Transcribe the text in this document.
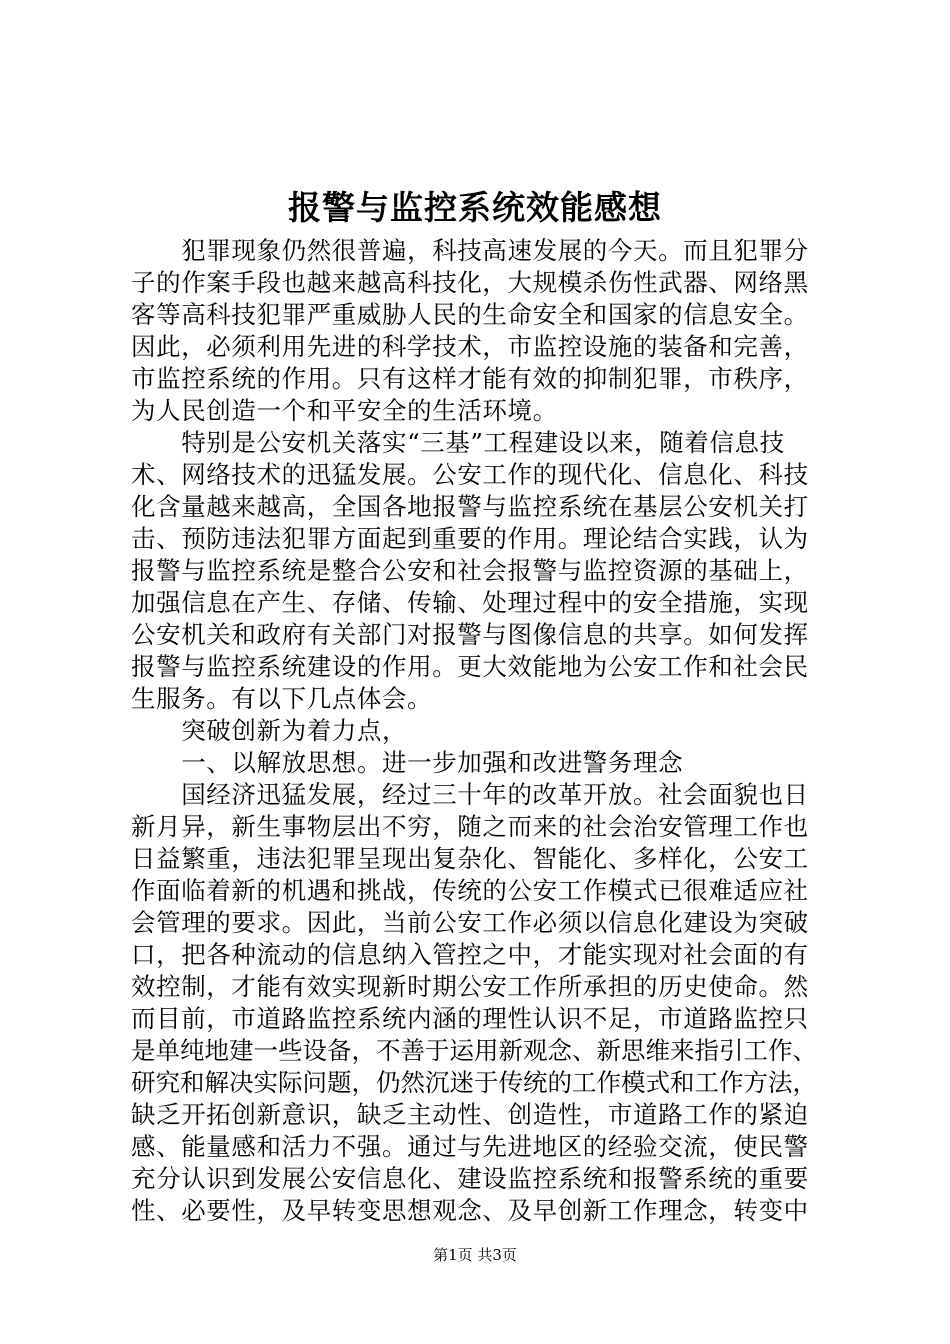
报警与监控系统效能感想
　　犯罪现象仍然很普遍，科技高速发展的今天。而且犯罪分
子的作案手段也越来越高科技化，大规模杀伤性武器、网络黑
客等高科技犯罪严重威胁人民的生命安全和国家的信息安全。
因此，必须利用先进的科学技术，市监控设施的装备和完善，
市监控系统的作用。只有这样才能有效的抑制犯罪，市秩序，
为人民创造一个和平安全的生活环境。
　　特别是公安机关落实“三基”工程建设以来，随着信息技
术、网络技术的迅猛发展。公安工作的现代化、信息化、科技
化含量越来越高，全国各地报警与监控系统在基层公安机关打
击、预防违法犯罪方面起到重要的作用。理论结合实践，认为
报警与监控系统是整合公安和社会报警与监控资源的基础上，
加强信息在产生、存储、传输、处理过程中的安全措施，实现
公安机关和政府有关部门对报警与图像信息的共享。如何发挥
报警与监控系统建设的作用。更大效能地为公安工作和社会民
生服务。有以下几点体会。
　　突破创新为着力点，
　　一、以解放思想。进一步加强和改进警务理念
　　国经济迅猛发展，经过三十年的改革开放。社会面貌也日
新月异，新生事物层出不穷，随之而来的社会治安管理工作也
日益繁重，违法犯罪呈现出复杂化、智能化、多样化，公安工
作面临着新的机遇和挑战，传统的公安工作模式已很难适应社
会管理的要求。因此，当前公安工作必须以信息化建设为突破
口，把各种流动的信息纳入管控之中，才能实现对社会面的有
效控制，才能有效实现新时期公安工作所承担的历史使命。然
而目前，市道路监控系统内涵的理性认识不足，市道路监控只
是单纯地建一些设备，不善于运用新观念、新思维来指引工作、
研究和解决实际问题，仍然沉迷于传统的工作模式和工作方法，
缺乏开拓创新意识，缺乏主动性、创造性，市道路工作的紧迫
感、能量感和活力不强。通过与先进地区的经验交流，使民警
充分认识到发展公安信息化、建设监控系统和报警系统的重要
性、必要性，及早转变思想观念、及早创新工作理念，转变中
第1页 共3页
